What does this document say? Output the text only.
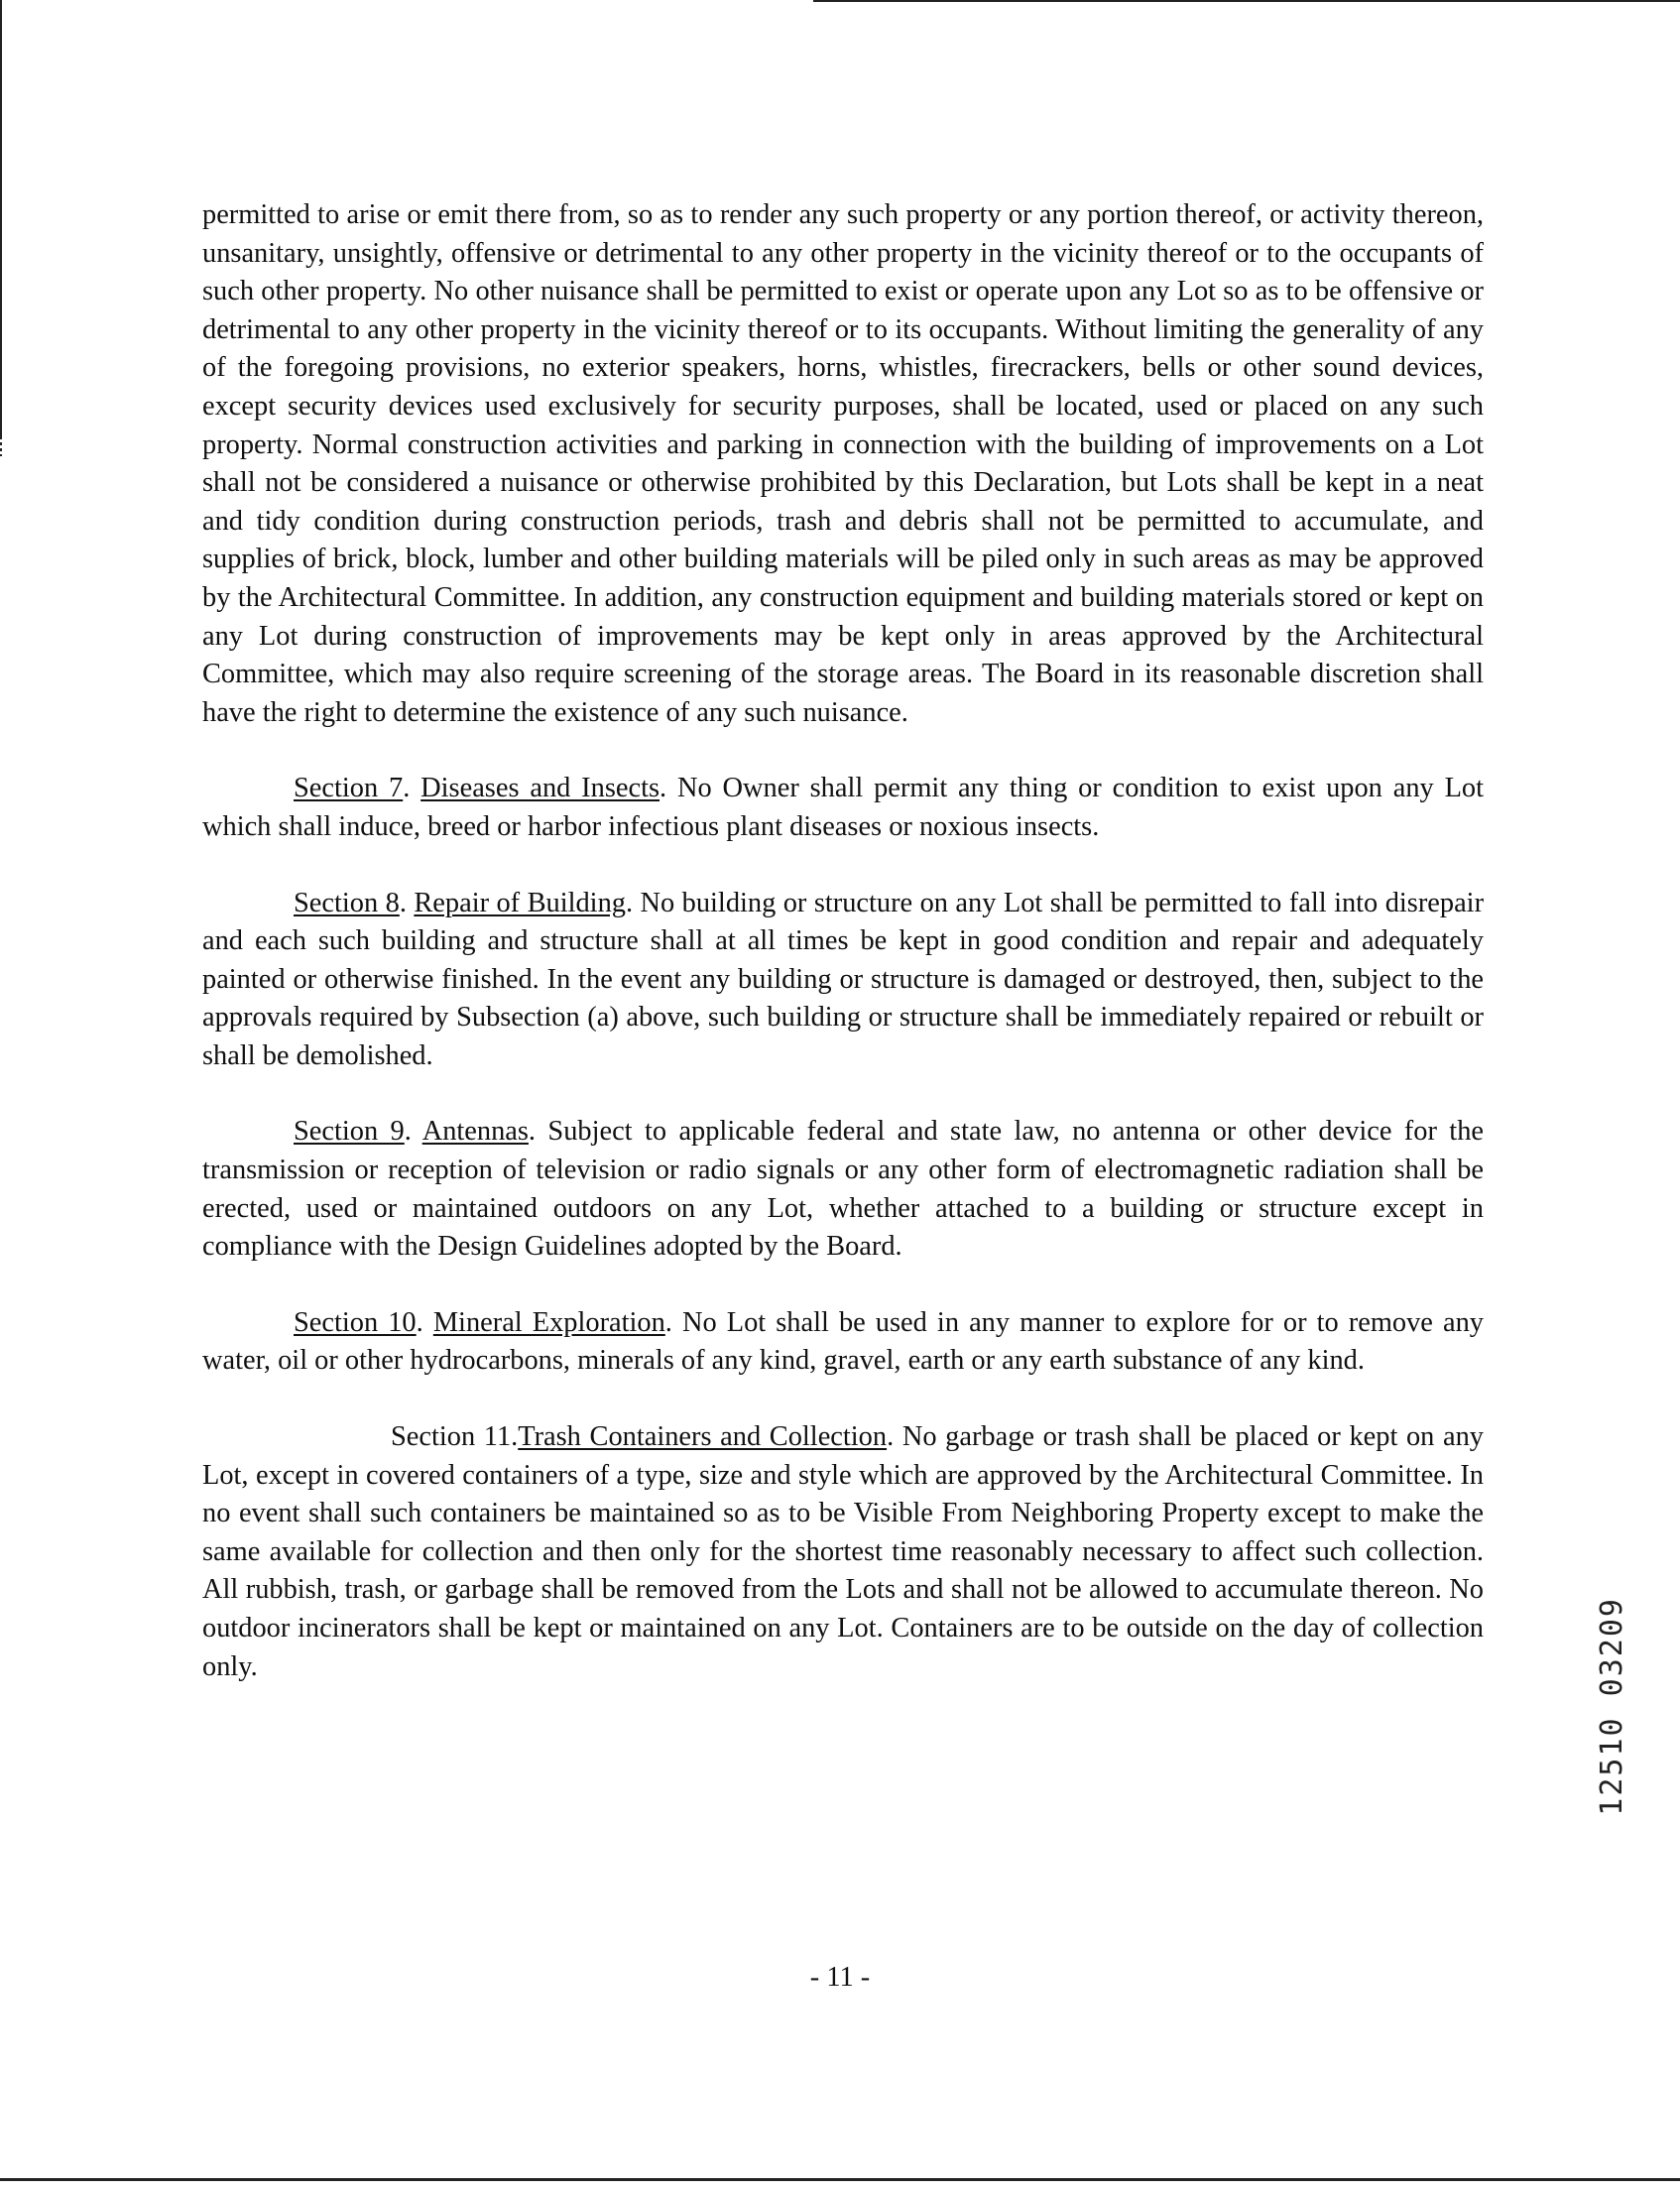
permitted to arise or emit there from, so as to render any such property or any portion thereof, or activity thereon, unsanitary, unsightly, offensive or detrimental to any other property in the vicinity thereof or to the occupants of such other property. No other nuisance shall be permitted to exist or operate upon any Lot so as to be offensive or detrimental to any other property in the vicinity thereof or to its occupants. Without limiting the generality of any of the foregoing provisions, no exterior speakers, horns, whistles, firecrackers, bells or other sound devices, except security devices used exclusively for security purposes, shall be located, used or placed on any such property. Normal construction activities and parking in connection with the building of improvements on a Lot shall not be considered a nuisance or otherwise prohibited by this Declaration, but Lots shall be kept in a neat and tidy condition during construction periods, trash and debris shall not be permitted to accumulate, and supplies of brick, block, lumber and other building materials will be piled only in such areas as may be approved by the Architectural Committee. In addition, any construction equipment and building materials stored or kept on any Lot during construction of improvements may be kept only in areas approved by the Architectural Committee, which may also require screening of the storage areas. The Board in its reasonable discretion shall have the right to determine the existence of any such nuisance.

Section 7. Diseases and Insects. No Owner shall permit any thing or condition to exist upon any Lot which shall induce, breed or harbor infectious plant diseases or noxious insects.

Section 8. Repair of Building. No building or structure on any Lot shall be permitted to fall into disrepair and each such building and structure shall at all times be kept in good condition and repair and adequately painted or otherwise finished. In the event any building or structure is damaged or destroyed, then, subject to the approvals required by Subsection (a) above, such building or structure shall be immediately repaired or rebuilt or shall be demolished.

Section 9. Antennas. Subject to applicable federal and state law, no antenna or other device for the transmission or reception of television or radio signals or any other form of electromagnetic radiation shall be erected, used or maintained outdoors on any Lot, whether attached to a building or structure except in compliance with the Design Guidelines adopted by the Board.

Section 10. Mineral Exploration. No Lot shall be used in any manner to explore for or to remove any water, oil or other hydrocarbons, minerals of any kind, gravel, earth or any earth substance of any kind.

Section 11.Trash Containers and Collection. No garbage or trash shall be placed or kept on any Lot, except in covered containers of a type, size and style which are approved by the Architectural Committee. In no event shall such containers be maintained so as to be Visible From Neighboring Property except to make the same available for collection and then only for the shortest time reasonably necessary to affect such collection. All rubbish, trash, or garbage shall be removed from the Lots and shall not be allowed to accumulate thereon. No outdoor incinerators shall be kept or maintained on any Lot. Containers are to be outside on the day of collection only.	12510 03209
- 11 -
